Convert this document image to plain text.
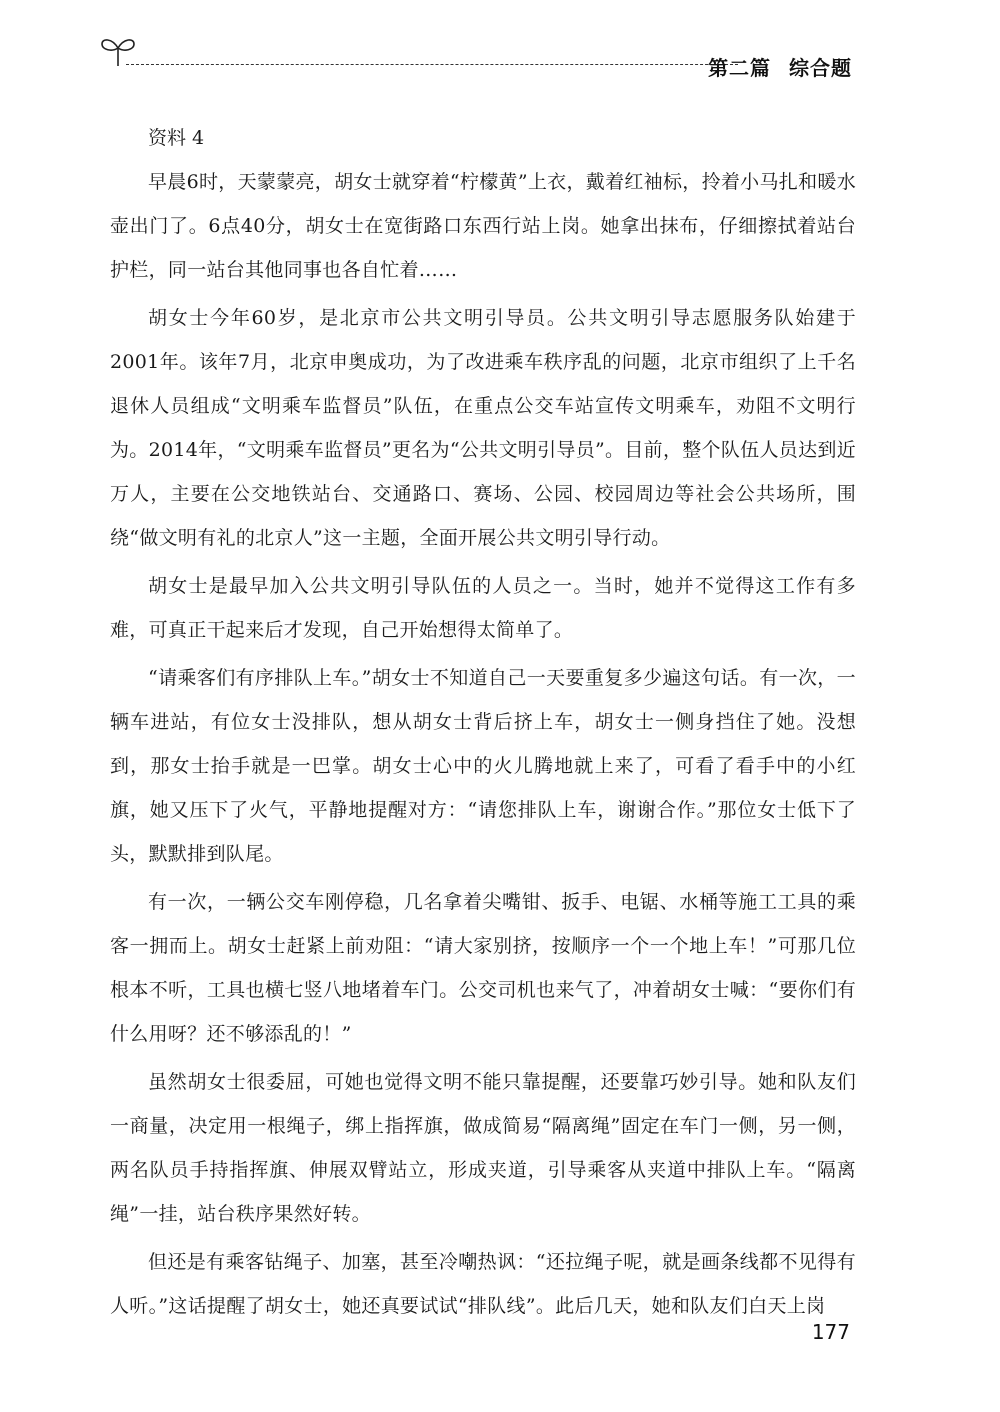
第二篇 综合题

资料 4

早晨6时，天蒙蒙亮，胡女士就穿着“柠檬黄”上衣，戴着红袖标，拎着小马扎和暖水壶出门了。6点40分，胡女士在宽街路口东西行站上岗。她拿出抹布，仔细擦拭着站台护栏，同一站台其他同事也各自忙着……

胡女士今年60岁，是北京市公共文明引导员。公共文明引导志愿服务队始建于2001年。该年7月，北京申奥成功，为了改进乘车秩序乱的问题，北京市组织了上千名退休人员组成“文明乘车监督员”队伍，在重点公交车站宣传文明乘车，劝阻不文明行为。2014年，“文明乘车监督员”更名为“公共文明引导员”。目前，整个队伍人员达到近万人，主要在公交地铁站台、交通路口、赛场、公园、校园周边等社会公共场所，围绕“做文明有礼的北京人”这一主题，全面开展公共文明引导行动。

胡女士是最早加入公共文明引导队伍的人员之一。当时，她并不觉得这工作有多难，可真正干起来后才发现，自己开始想得太简单了。

“请乘客们有序排队上车。”胡女士不知道自己一天要重复多少遍这句话。有一次，一辆车进站，有位女士没排队，想从胡女士背后挤上车，胡女士一侧身挡住了她。没想到，那女士抬手就是一巴掌。胡女士心中的火儿腾地就上来了，可看了看手中的小红旗，她又压下了火气，平静地提醒对方：“请您排队上车，谢谢合作。”那位女士低下了头，默默排到队尾。

有一次，一辆公交车刚停稳，几名拿着尖嘴钳、扳手、电锯、水桶等施工工具的乘客一拥而上。胡女士赶紧上前劝阻：“请大家别挤，按顺序一个一个地上车！”可那几位根本不听，工具也横七竖八地堵着车门。公交司机也来气了，冲着胡女士喊：“要你们有什么用呀？还不够添乱的！”

虽然胡女士很委屈，可她也觉得文明不能只靠提醒，还要靠巧妙引导。她和队友们一商量，决定用一根绳子，绑上指挥旗，做成简易“隔离绳”固定在车门一侧，另一侧，两名队员手持指挥旗、伸展双臂站立，形成夹道，引导乘客从夹道中排队上车。“隔离绳”一挂，站台秩序果然好转。

但还是有乘客钻绳子、加塞，甚至冷嘲热讽：“还拉绳子呢，就是画条线都不见得有人听。”这话提醒了胡女士，她还真要试试“排队线”。此后几天，她和队友们白天上岗

177
